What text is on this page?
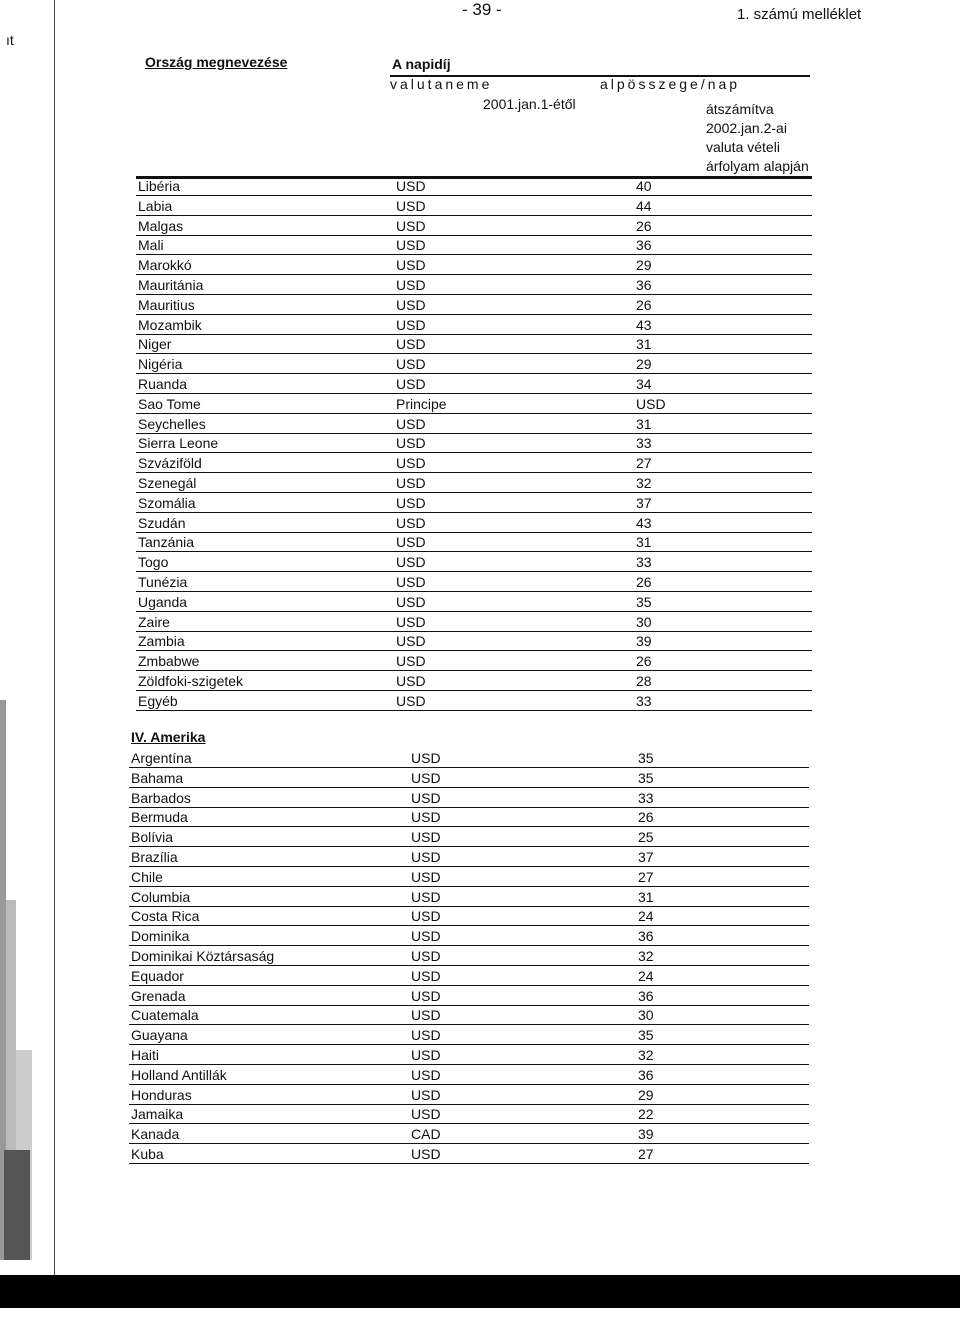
ıt
- 39 -	1. számú melléklet
Ország megnevezése	A napidíj
valutaneme	alpösszege/nap
2001.jan.1-étől	átszámítva
2002.jan.2-ai
valuta vételi
árfolyam alapján
Libéria	USD	40
Labia	USD	44
Malgas	USD	26
Mali	USD	36
Marokkó	USD	29
Mauritánia	USD	36
Mauritius	USD	26
Mozambik	USD	43
Niger	USD	31
Nigéria	USD	29
Ruanda	USD	34
Sao Tome	Principe	USD
Seychelles	USD	31
Sierra Leone	USD	33
Szváziföld	USD	27
Szenegál	USD	32
Szomália	USD	37
Szudán	USD	43
Tanzánia	USD	31
Togo	USD	33
Tunézia	USD	26
Uganda	USD	35
Zaire	USD	30
Zambia	USD	39
Zmbabwe	USD	26
Zöldfoki-szigetek	USD	28
Egyéb	USD	33
IV. Amerika
Argentína	USD	35
Bahama	USD	35
Barbados	USD	33
Bermuda	USD	26
Bolívia	USD	25
Brazília	USD	37
Chile	USD	27
Columbia	USD	31
Costa Rica	USD	24
Dominika	USD	36
Dominikai Köztársaság	USD	32
Equador	USD	24
Grenada	USD	36
Cuatemala	USD	30
Guayana	USD	35
Haiti	USD	32
Holland Antillák	USD	36
Honduras	USD	29
Jamaika	USD	22
Kanada	CAD	39
Kuba	USD	27
